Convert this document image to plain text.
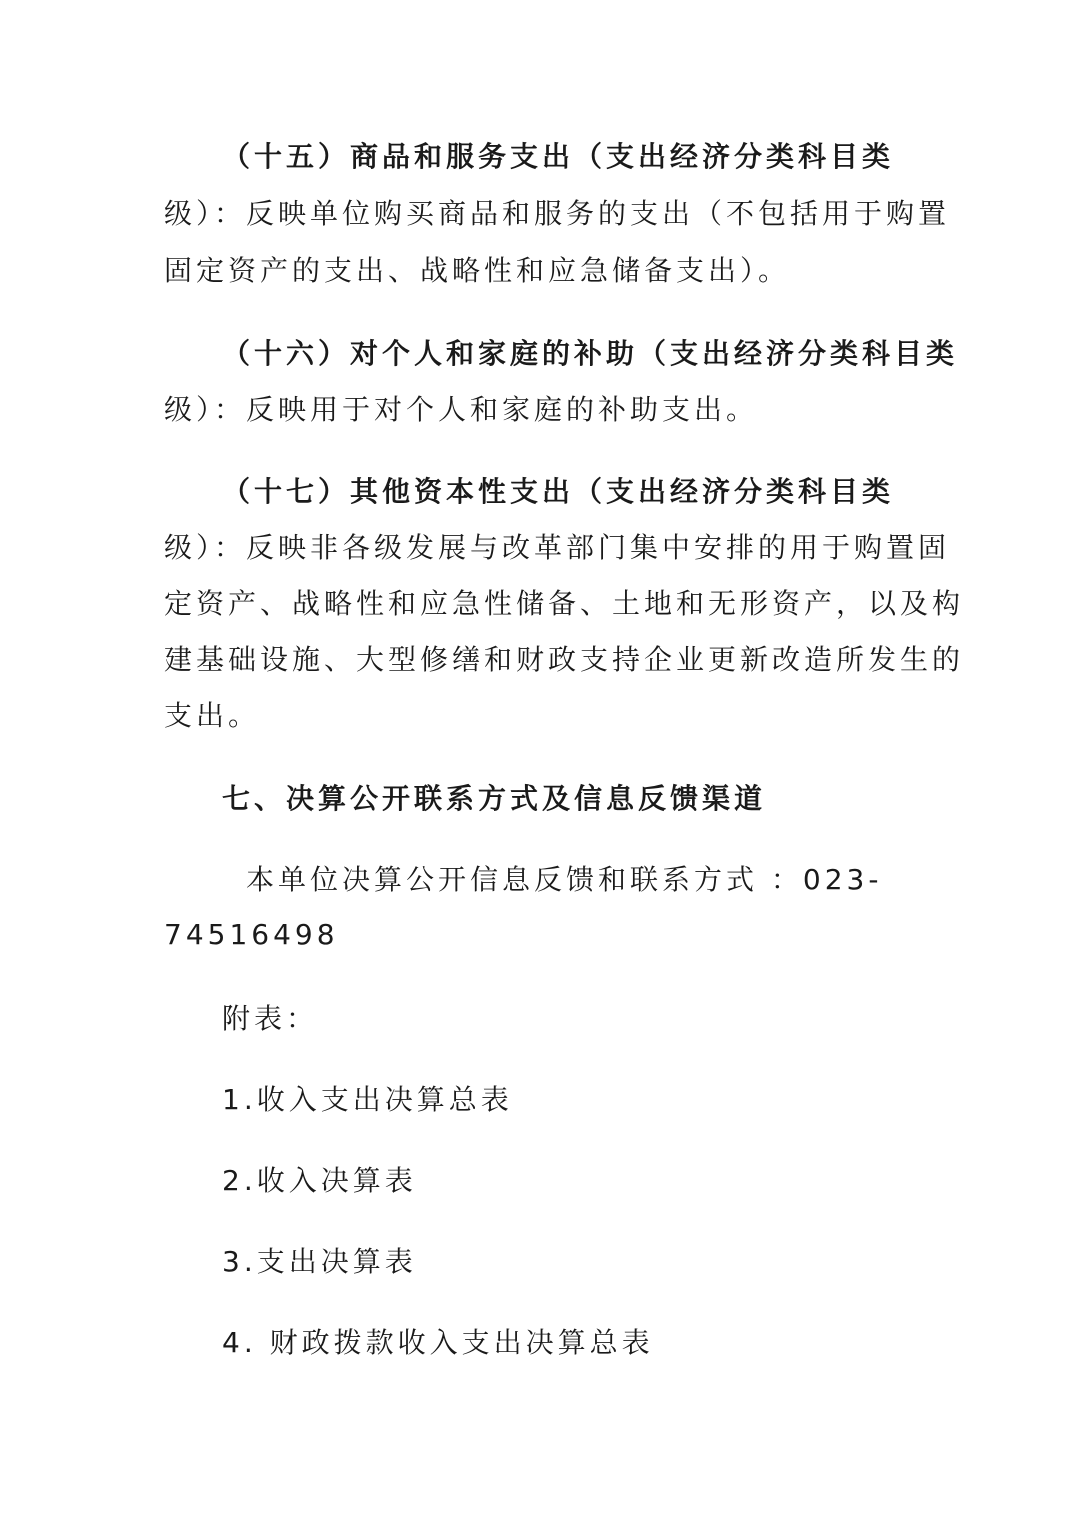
（十五）商品和服务支出（支出经济分类科目类

级）：反映单位购买商品和服务的支出（不包括用于购置

固定资产的支出、战略性和应急储备支出）。

（十六）对个人和家庭的补助（支出经济分类科目类

级）：反映用于对个人和家庭的补助支出。

（十七）其他资本性支出（支出经济分类科目类

级）：反映非各级发展与改革部门集中安排的用于购置固

定资产、战略性和应急性储备、土地和无形资产，以及构

建基础设施、大型修缮和财政支持企业更新改造所发生的

支出。

七、决算公开联系方式及信息反馈渠道

本单位决算公开信息反馈和联系方式 ：023-

74516498

附表：

1.收入支出决算总表

2.收入决算表

3.支出决算表

4. 财政拨款收入支出决算总表
